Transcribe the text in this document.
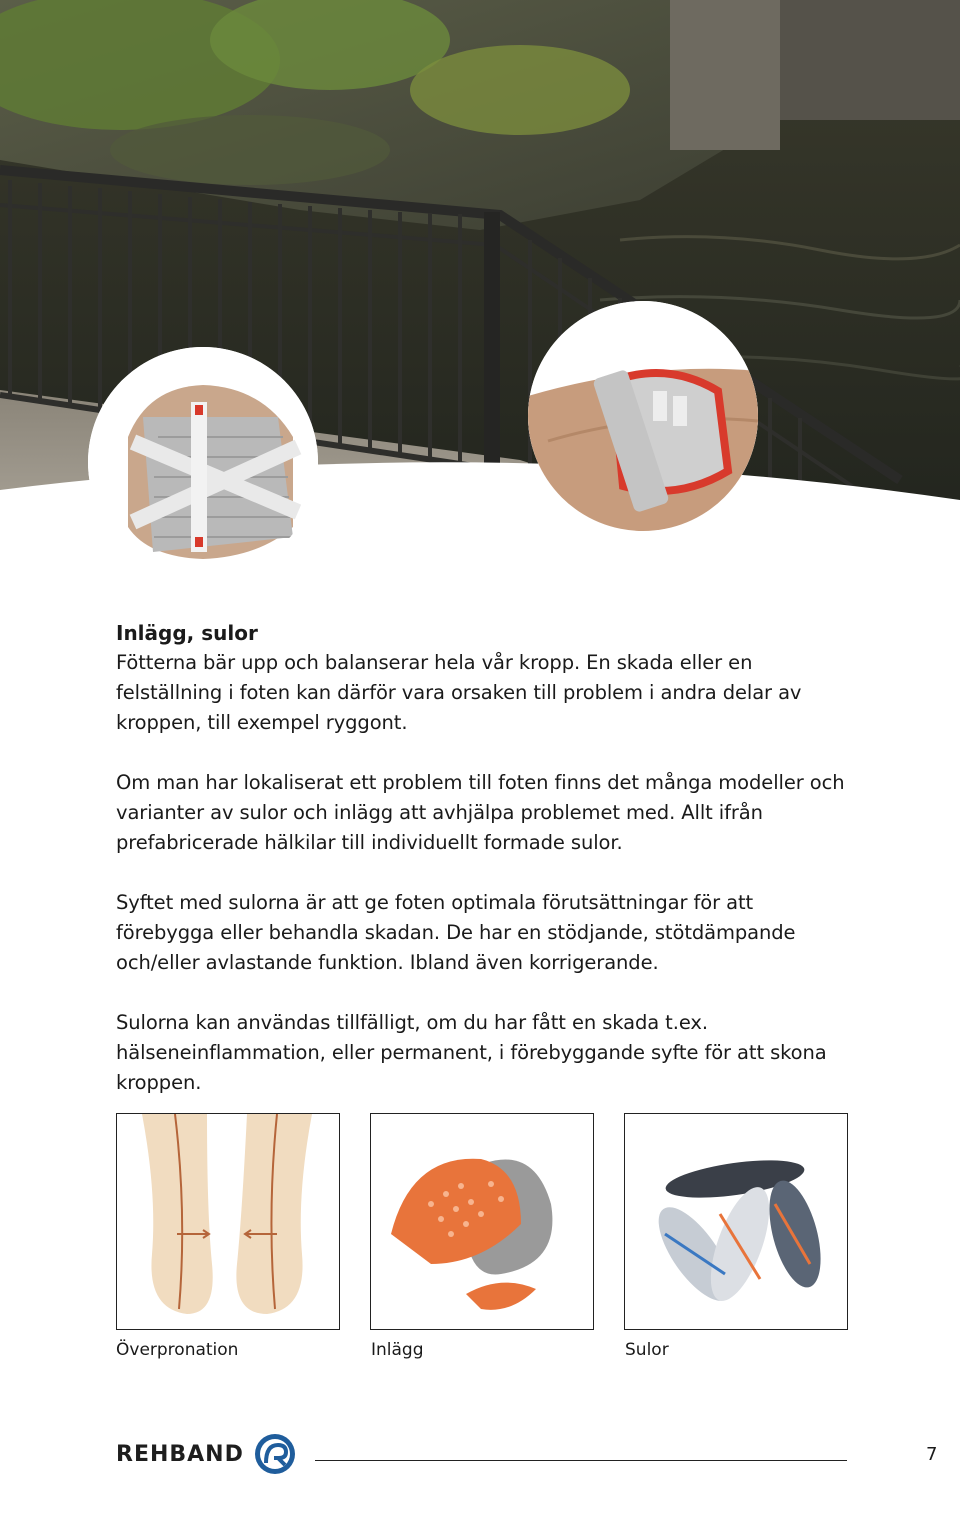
Inlägg, sulor

Fötterna bär upp och balanserar hela vår kropp. En skada eller en felställning i foten kan därför vara orsaken till problem i andra delar av kroppen, till exempel ryggont.

Om man har lokaliserat ett problem till foten finns det många modeller och varianter av sulor och inlägg att avhjälpa problemet med. Allt ifrån prefabricerade hälkilar till individuellt formade sulor.

Syftet med sulorna är att ge foten optimala förutsättningar för att förebygga eller behandla skadan. De har en stödjande, stötdämpande och/eller avlastande funktion. Ibland även korrigerande.

Sulorna kan användas tillfälligt, om du har fått en skada t.ex. hälseneinflammation, eller permanent, i förebyggande syfte för att skona kroppen.

Överpronation	Inlägg	Sulor
REHBAND	7
